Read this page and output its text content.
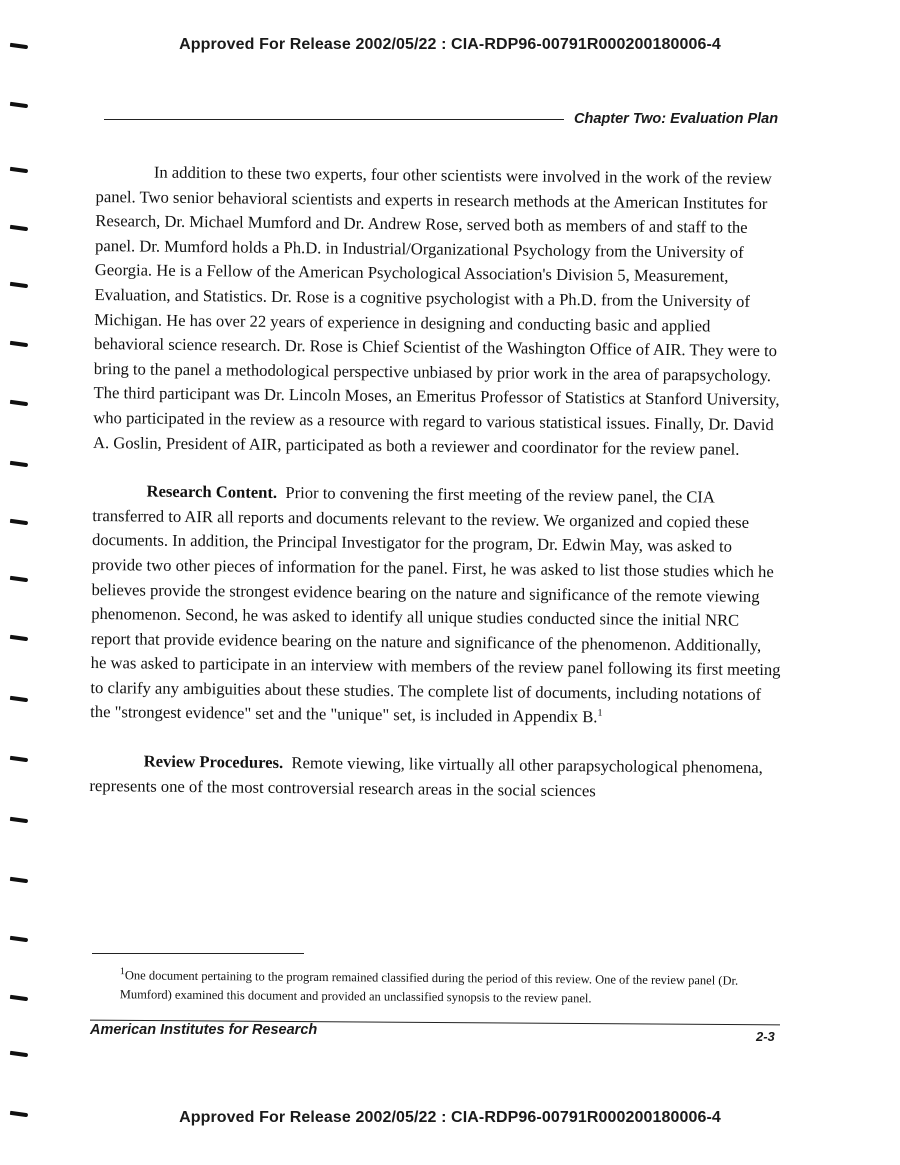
Approved For Release 2002/05/22 : CIA-RDP96-00791R000200180006-4
Chapter Two: Evaluation Plan

In addition to these two experts, four other scientists were involved in the work of the review panel. Two senior behavioral scientists and experts in research methods at the American Institutes for Research, Dr. Michael Mumford and Dr. Andrew Rose, served both as members of and staff to the panel. Dr. Mumford holds a Ph.D. in Industrial/Organizational Psychology from the University of Georgia. He is a Fellow of the American Psychological Association's Division 5, Measurement, Evaluation, and Statistics. Dr. Rose is a cognitive psychologist with a Ph.D. from the University of Michigan. He has over 22 years of experience in designing and conducting basic and applied behavioral science research. Dr. Rose is Chief Scientist of the Washington Office of AIR. They were to bring to the panel a methodological perspective unbiased by prior work in the area of parapsychology. The third participant was Dr. Lincoln Moses, an Emeritus Professor of Statistics at Stanford University, who participated in the review as a resource with regard to various statistical issues. Finally, Dr. David A. Goslin, President of AIR, participated as both a reviewer and coordinator for the review panel.

Research Content. Prior to convening the first meeting of the review panel, the CIA transferred to AIR all reports and documents relevant to the review. We organized and copied these documents. In addition, the Principal Investigator for the program, Dr. Edwin May, was asked to provide two other pieces of information for the panel. First, he was asked to list those studies which he believes provide the strongest evidence bearing on the nature and significance of the remote viewing phenomenon. Second, he was asked to identify all unique studies conducted since the initial NRC report that provide evidence bearing on the nature and significance of the phenomenon. Additionally, he was asked to participate in an interview with members of the review panel following its first meeting to clarify any ambiguities about these studies. The complete list of documents, including notations of the "strongest evidence" set and the "unique" set, is included in Appendix B.$^1$

Review Procedures. Remote viewing, like virtually all other parapsychological phenomena, represents one of the most controversial research areas in the social sciences

$^1$One document pertaining to the program remained classified during the period of this review. One of the review panel (Dr. Mumford) examined this document and provided an unclassified synopsis to the review panel.
American Institutes for Research	2-3
Approved For Release 2002/05/22 : CIA-RDP96-00791R000200180006-4
